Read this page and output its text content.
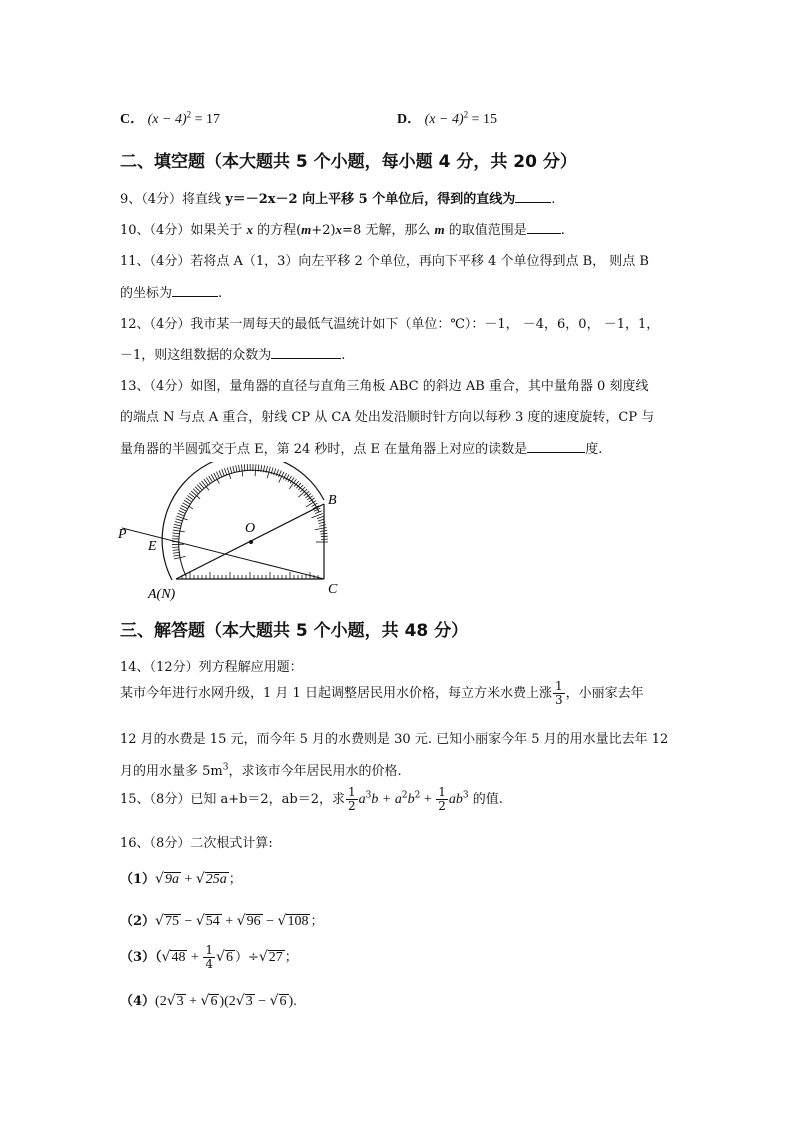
C． $(x - 4)^2 = 17$	D． $(x - 4)^2 = 15$
二、填空题（本大题共 5 个小题，每小题 4 分，共 20 分）
9、（4分）将直线 y＝－2x－2 向上平移 5 个单位后，得到的直线为	.
10、（4分）如果关于 x 的方程(m+2)x=8 无解，那么 m 的取值范围是	.
11、（4分）若将点 A（1，3）向左平移 2 个单位，再向下平移 4 个单位得到点 B， 则点 B
的坐标为	.
12、（4分）我市某一周每天的最低气温统计如下（单位：℃）：－1， －4，6，0， －1，1，
－1，则这组数据的众数为	.
13、（4分）如图，量角器的直径与直角三角板 ABC 的斜边 AB 重合，其中量角器 0 刻度线
的端点 N 与点 A 重合，射线 CP 从 CA 处出发沿顺时针方向以每秒 3 度的速度旋转，CP 与
量角器的半圆弧交于点 E，第 24 秒时，点 E 在量角器上对应的读数是	度.
P
E
O
B
A(N)	C
三、解答题（本大题共 5 个小题，共 48 分）
14、（12分）列方程解应用题：
某市今年进行水网升级，1 月 1 日起调整居民用水价格，每立方米水费上涨 $\frac{1}{3}$ ，小丽家去年
12 月的水费是 15 元，而今年 5 月的水费则是 30 元. 已知小丽家今年 5 月的用水量比去年 12
月的用水量多 $5m^3$，求该市今年居民用水的价格.
15、（8分）已知 a+b＝2，ab＝2，求 $\frac{1}{2} a^3b + a^2b^2 + \frac{1}{2} ab^3$ 的值.
16、（8分）二次根式计算:
（1）√9a + √25a ；
（2）√75 − √54 + √96 − √108 ；
$(3)(√48 + \frac{1}{4} √6$ ）÷√27 ；
（4）(2√3 + √6 )(2√3 − √6 ).
